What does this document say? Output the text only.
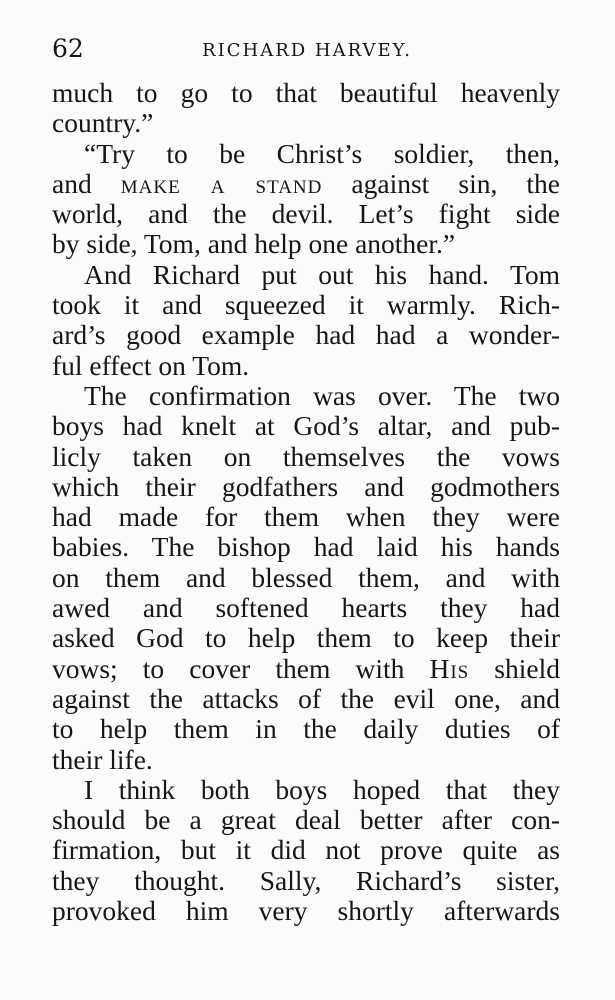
62	RICHARD HARVEY.
much to go to that beautiful heavenly
country.”
“Try to be Christ’s soldier, then,
and make a stand against sin, the
world, and the devil. Let’s fight side
by side, Tom, and help one another.”
And Richard put out his hand. Tom
took it and squeezed it warmly. Rich-
ard’s good example had had a wonder-
ful effect on Tom.
The confirmation was over. The two
boys had knelt at God’s altar, and pub-
licly taken on themselves the vows
which their godfathers and godmothers
had made for them when they were
babies. The bishop had laid his hands
on them and blessed them, and with
awed and softened hearts they had
asked God to help them to keep their
vows; to cover them with His shield
against the attacks of the evil one, and
to help them in the daily duties of
their life.
I think both boys hoped that they
should be a great deal better after con-
firmation, but it did not prove quite as
they thought. Sally, Richard’s sister,
provoked him very shortly afterwards
